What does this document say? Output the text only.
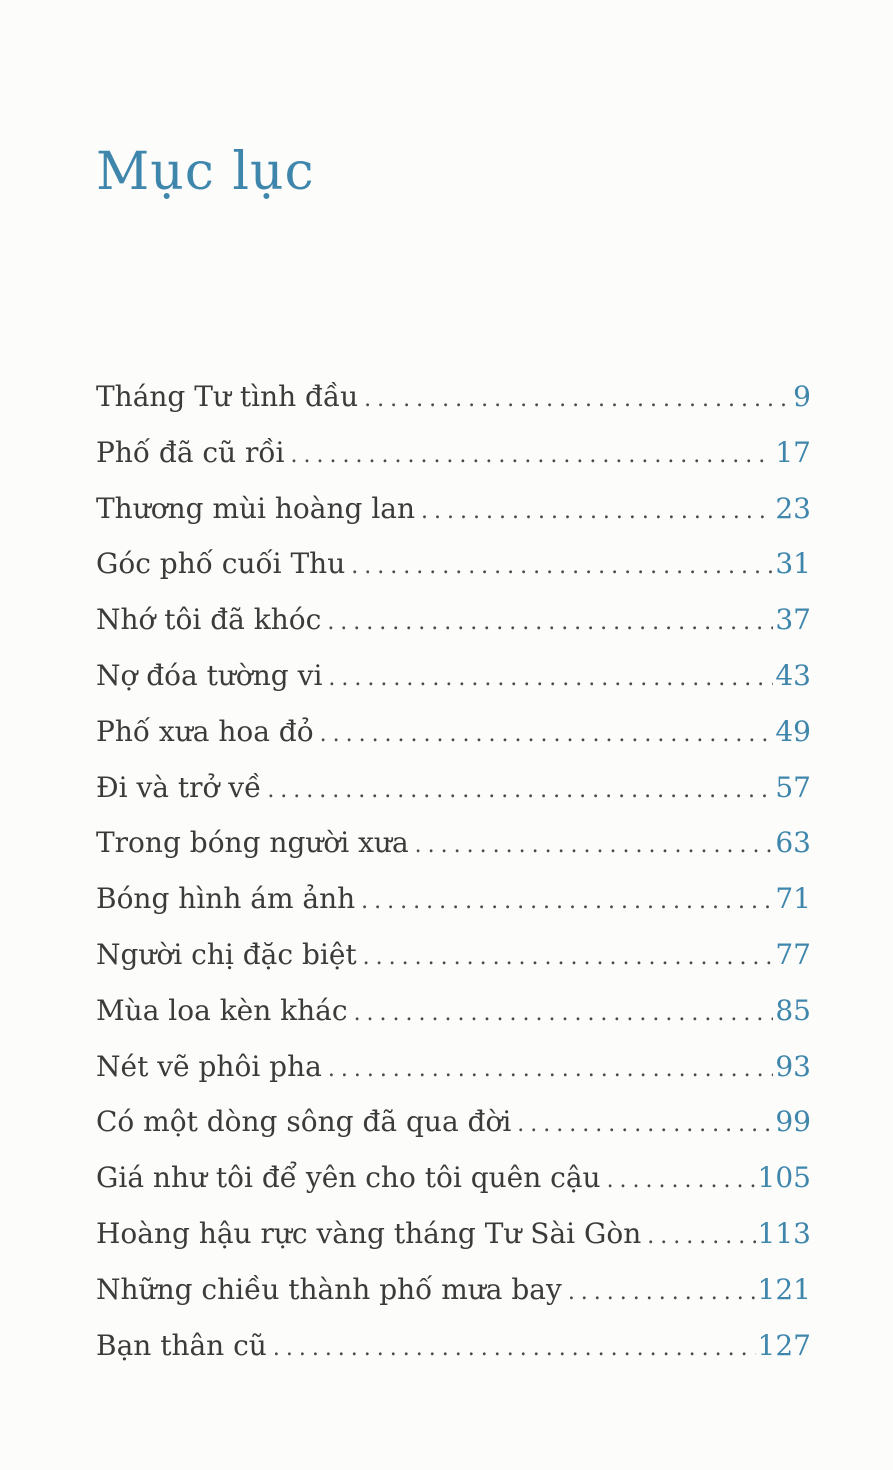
Mục lục
Tháng Tư tình đầu .....	9
Phố đã cũ rồi .....	17
Thương mùi hoàng lan .....	23
Góc phố cuối Thu .....	31
Nhớ tôi đã khóc .....	37
Nợ đóa tường vi .....	43
Phố xưa hoa đỏ .....	49
Đi và trở về .....	57
Trong bóng người xưa .....	63
Bóng hình ám ảnh .....	71
Người chị đặc biệt .....	77
Mùa loa kèn khác .....	85
Nét vẽ phôi pha .....	93
Có một dòng sông đã qua đời .....	99
Giá như tôi để yên cho tôi quên cậu .....	105
Hoàng hậu rực vàng tháng Tư Sài Gòn .....	113
Những chiều thành phố mưa bay .....	121
Bạn thân cũ .....	127
